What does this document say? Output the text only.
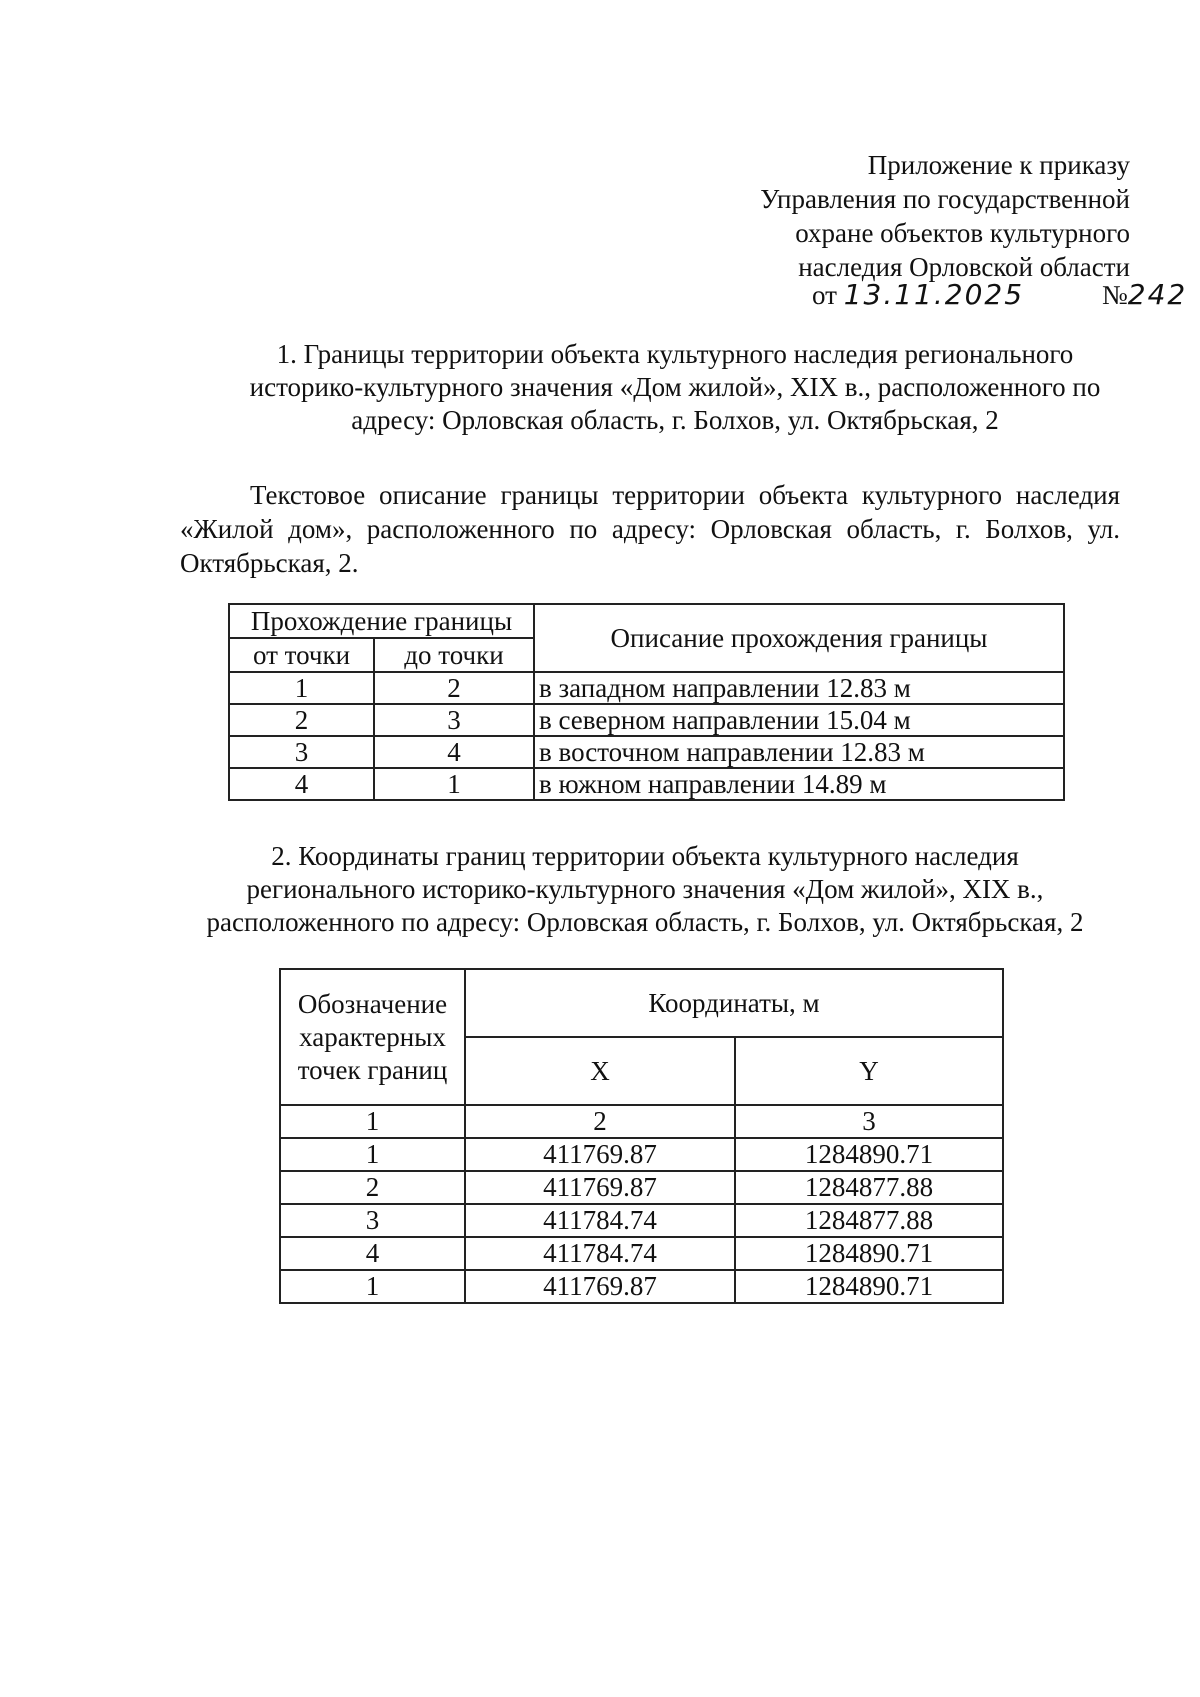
Приложение к приказу
Управления по государственной
охране объектов культурного
наследия Орловской области
от 13.11.2025	№242
1. Границы территории объекта культурного наследия регионального историко-культурного значения «Дом жилой», XIX в., расположенного по адресу: Орловская область, г. Болхов, ул. Октябрьская, 2
Текстовое описание границы территории объекта культурного наследия «Жилой дом», расположенного по адресу: Орловская область, г. Болхов, ул. Октябрьская, 2.
Прохождение границы		Описание прохождения границы
от точки	до точки	
1	2	в западном направлении 12.83 м
2	3	в северном направлении 15.04 м
3	4	в восточном направлении 12.83 м
4	1	в южном направлении 14.89 м
2. Координаты границ территории объекта культурного наследия регионального историко-культурного значения «Дом жилой», XIX в., расположенного по адресу: Орловская область, г. Болхов, ул. Октябрьская, 2
Обозначение характерных точек границ	Координаты, м	
	X	Y
1	2	3
1	411769.87	1284890.71
2	411769.87	1284877.88
3	411784.74	1284877.88
4	411784.74	1284890.71
1	411769.87	1284890.71
